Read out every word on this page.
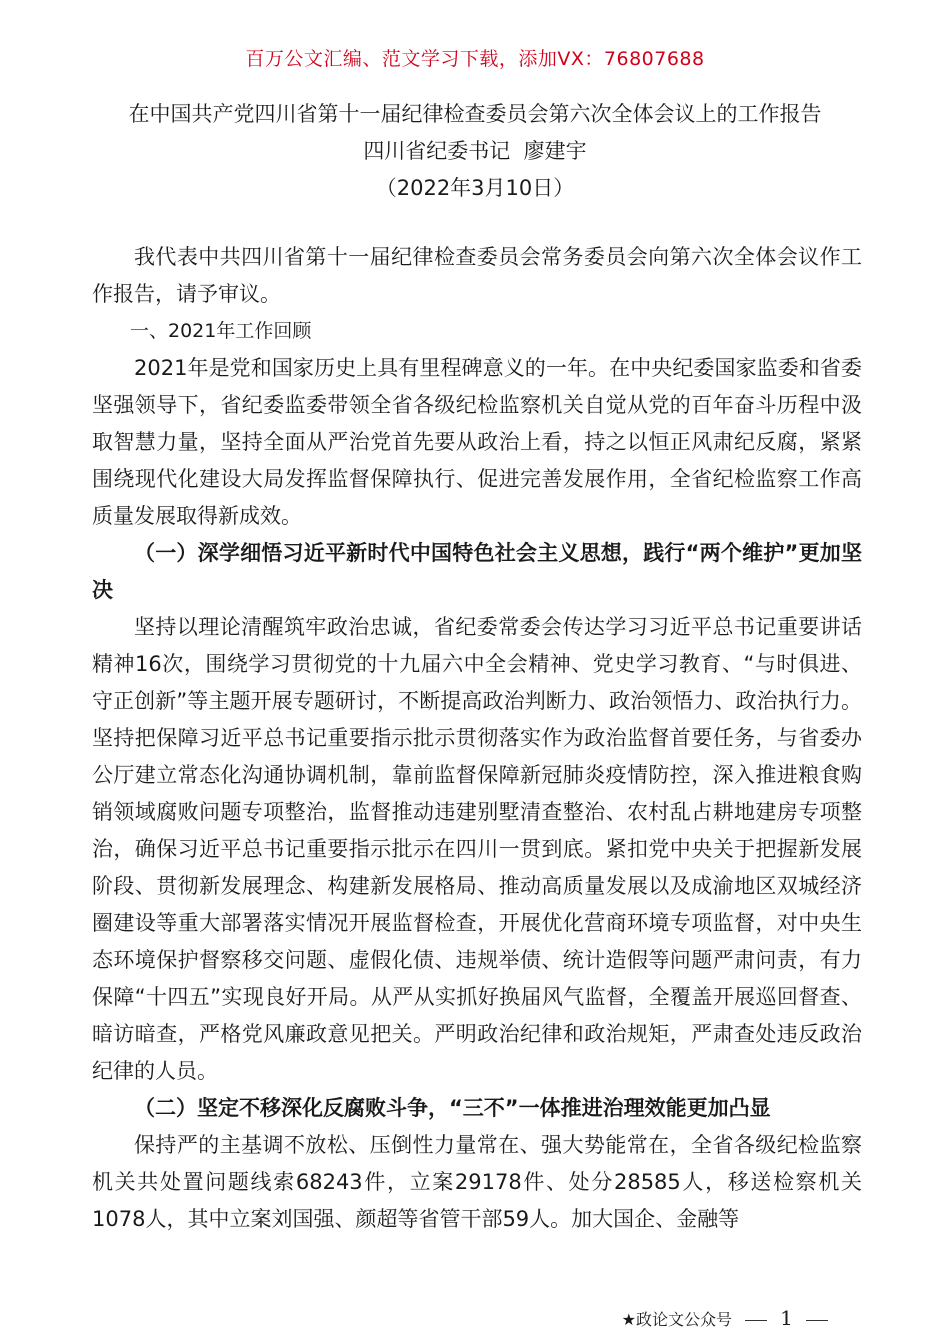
百万公文汇编、范文学习下载，添加VX：76807688
在中国共产党四川省第十一届纪律检查委员会第六次全体会议上的工作报告
四川省纪委书记  廖建宇
（2022年3月10日）

我代表中共四川省第十一届纪律检查委员会常务委员会向第六次全体会议作工作报告，请予审议。

一、2021年工作回顾

2021年是党和国家历史上具有里程碑意义的一年。在中央纪委国家监委和省委坚强领导下，省纪委监委带领全省各级纪检监察机关自觉从党的百年奋斗历程中汲取智慧力量，坚持全面从严治党首先要从政治上看，持之以恒正风肃纪反腐，紧紧围绕现代化建设大局发挥监督保障执行、促进完善发展作用，全省纪检监察工作高质量发展取得新成效。

（一）深学细悟习近平新时代中国特色社会主义思想，践行“两个维护”更加坚决

坚持以理论清醒筑牢政治忠诚，省纪委常委会传达学习习近平总书记重要讲话精神16次，围绕学习贯彻党的十九届六中全会精神、党史学习教育、“与时俱进、守正创新”等主题开展专题研讨，不断提高政治判断力、政治领悟力、政治执行力。坚持把保障习近平总书记重要指示批示贯彻落实作为政治监督首要任务，与省委办公厅建立常态化沟通协调机制，靠前监督保障新冠肺炎疫情防控，深入推进粮食购销领域腐败问题专项整治，监督推动违建别墅清查整治、农村乱占耕地建房专项整治，确保习近平总书记重要指示批示在四川一贯到底。紧扣党中央关于把握新发展阶段、贯彻新发展理念、构建新发展格局、推动高质量发展以及成渝地区双城经济圈建设等重大部署落实情况开展监督检查，开展优化营商环境专项监督，对中央生态环境保护督察移交问题、虚假化债、违规举债、统计造假等问题严肃问责，有力保障“十四五”实现良好开局。从严从实抓好换届风气监督，全覆盖开展巡回督查、暗访暗查，严格党风廉政意见把关。严明政治纪律和政治规矩，严肃查处违反政治纪律的人员。

（二）坚定不移深化反腐败斗争，“三不”一体推进治理效能更加凸显

保持严的主基调不放松、压倒性力量常在、强大势能常在，全省各级纪检监察机关共处置问题线索68243件，立案29178件、处分28585人，移送检察机关1078人，其中立案刘国强、颜超等省管干部59人。加大国企、金融等

★政论文公众号 1
